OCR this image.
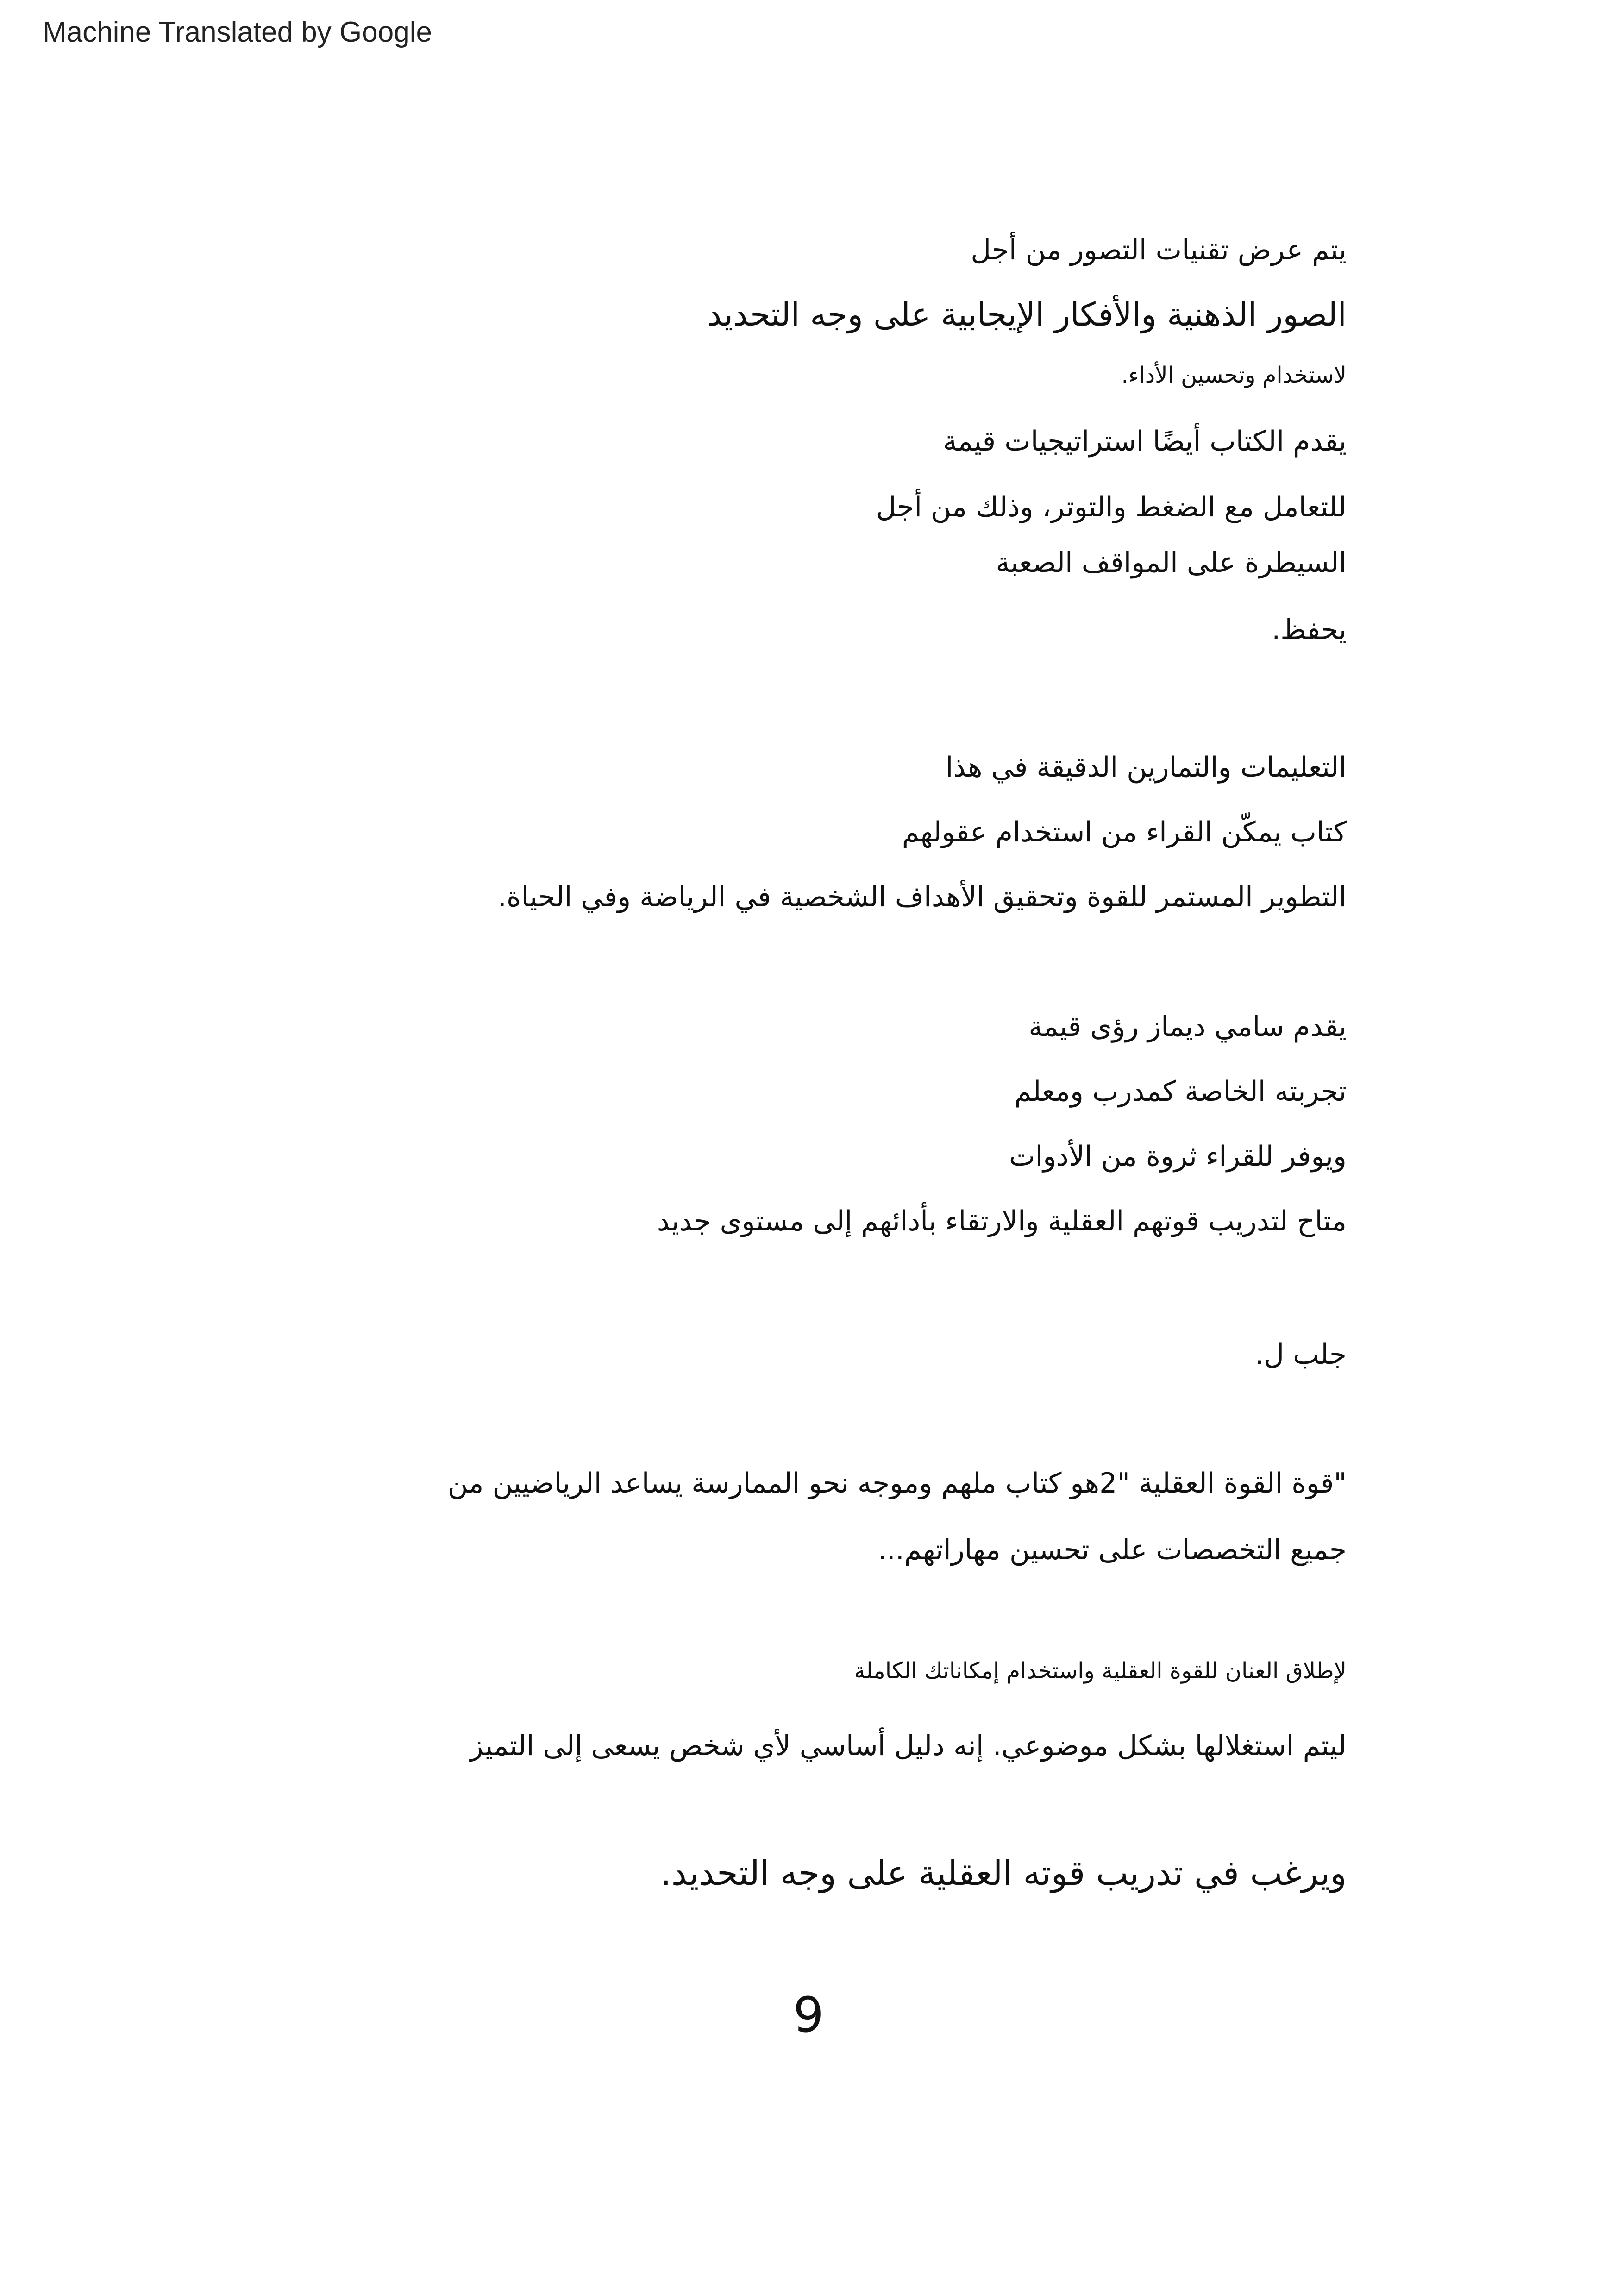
Machine Translated by Google
يتم عرض تقنيات التصور من أجل
الصور الذهنية والأفكار الإيجابية على وجه التحديد
لاستخدام وتحسين الأداء.
يقدم الكتاب أيضًا استراتيجيات قيمة
للتعامل مع الضغط والتوتر، وذلك من أجل
السيطرة على المواقف الصعبة
يحفظ.
التعليمات والتمارين الدقيقة في هذا
كتاب يمكّن القراء من استخدام عقولهم
التطوير المستمر للقوة وتحقيق الأهداف الشخصية في الرياضة وفي الحياة.
يقدم سامي ديماز رؤى قيمة
تجربته الخاصة كمدرب ومعلم
ويوفر للقراء ثروة من الأدوات
متاح لتدريب قوتهم العقلية والارتقاء بأدائهم إلى مستوى جديد
جلب ل.
"قوة القوة العقلية "2هو كتاب ملهم وموجه نحو الممارسة يساعد الرياضيين من
جميع التخصصات على تحسين مهاراتهم...
لإطلاق العنان للقوة العقلية واستخدام إمكاناتك الكاملة
ليتم استغلالها بشكل موضوعي. إنه دليل أساسي لأي شخص يسعى إلى التميز
ويرغب في تدريب قوته العقلية على وجه التحديد.
9
